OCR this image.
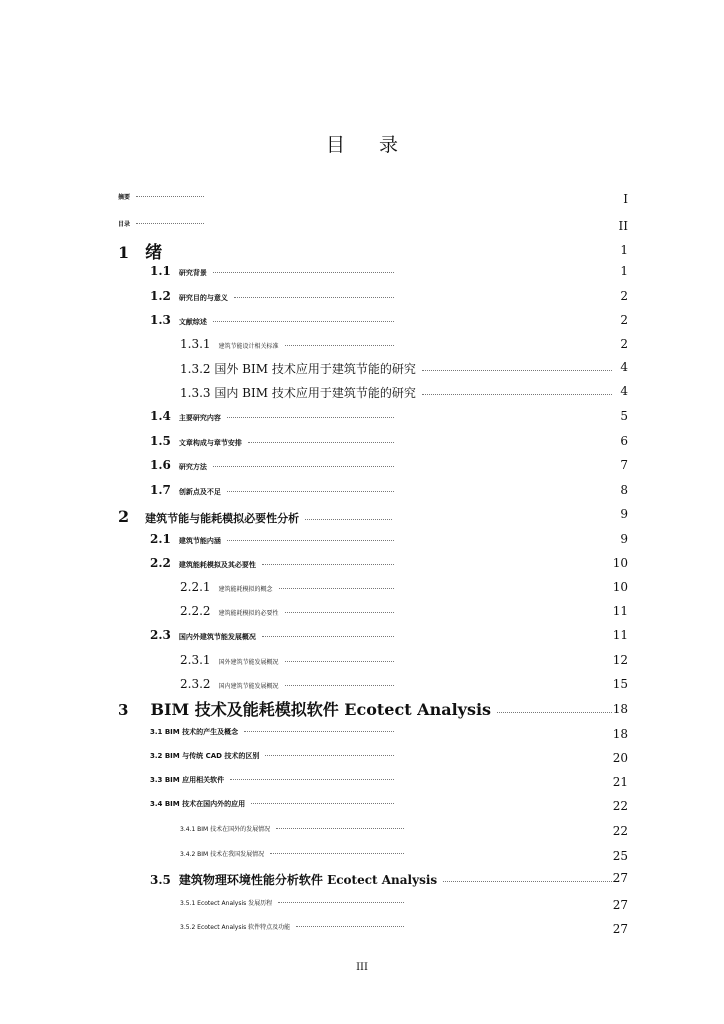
目录
摘要	I
目录	II
1 绪	1
1.1 研究背景	1
1.2 研究目的与意义	2
1.3 文献综述	2
1.3.1 建筑节能设计相关标准	2
1.3.2 国外 BIM 技术应用于建筑节能的研究	4
1.3.3 国内 BIM 技术应用于建筑节能的研究	4
1.4 主要研究内容	5
1.5 文章构成与章节安排	6
1.6 研究方法	7
1.7 创新点及不足	8
2 建筑节能与能耗模拟必要性分析	9
2.1 建筑节能内涵	9
2.2 建筑能耗模拟及其必要性	10
2.2.1 建筑能耗模拟的概念	10
2.2.2 建筑能耗模拟的必要性	11
2.3 国内外建筑节能发展概况	11
2.3.1 国外建筑节能发展概况	12
2.3.2 国内建筑节能发展概况	15
3 BIM 技术及能耗模拟软件 Ecotect Analysis	18
3.1 BIM 技术的产生及概念	18
3.2 BIM 与传统 CAD 技术的区别	20
3.3 BIM 应用相关软件	21
3.4 BIM 技术在国内外的应用	22
3.4.1 BIM 技术在国外的发展情况	22
3.4.2 BIM 技术在我国发展情况	25
3.5 建筑物理环境性能分析软件 Ecotect Analysis	27
3.5.1 Ecotect Analysis 发展历程	27
3.5.2 Ecotect Analysis 软件特点及功能	27
III
